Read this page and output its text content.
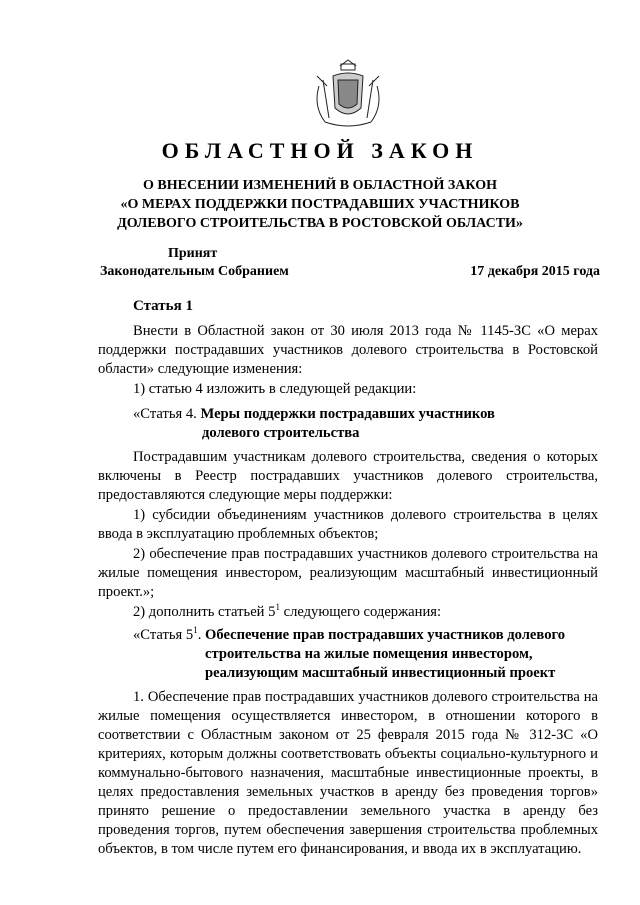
ОБЛАСТНОЙ ЗАКОН
О ВНЕСЕНИИ ИЗМЕНЕНИЙ В ОБЛАСТНОЙ ЗАКОН
«О МЕРАХ ПОДДЕРЖКИ ПОСТРАДАВШИХ УЧАСТНИКОВ
ДОЛЕВОГО СТРОИТЕЛЬСТВА В РОСТОВСКОЙ ОБЛАСТИ»
Принят
Законодательным Собранием	17 декабря 2015 года
Статья 1
Внести в Областной закон от 30 июля 2013 года № 1145-ЗС «О мерах поддержки пострадавших участников долевого строительства в Ростовской области» следующие изменения:
1) статью 4 изложить в следующей редакции:
«Статья 4. Меры поддержки пострадавших участников
долевого строительства
Пострадавшим участникам долевого строительства, сведения о которых включены в Реестр пострадавших участников долевого строительства, предоставляются следующие меры поддержки:
1) субсидии объединениям участников долевого строительства в целях ввода в эксплуатацию проблемных объектов;
2) обеспечение прав пострадавших участников долевого строительства на жилые помещения инвестором, реализующим масштабный инвестиционный проект.»;
2) дополнить статьей $5^1$ следующего содержания:
«Статья $5^1$. Обеспечение прав пострадавших участников долевого
строительства на жилые помещения инвестором,
реализующим масштабный инвестиционный проект
1. Обеспечение прав пострадавших участников долевого строительства на жилые помещения осуществляется инвестором, в отношении которого в соответствии с Областным законом от 25 февраля 2015 года № 312-ЗС «О критериях, которым должны соответствовать объекты социально-культурного и коммунально-бытового назначения, масштабные инвестиционные проекты, в целях предоставления земельных участков в аренду без проведения торгов» принято решение о предоставлении земельного участка в аренду без проведения торгов, путем обеспечения завершения строительства проблемных объектов, в том числе путем его финансирования, и ввода их в эксплуатацию.
